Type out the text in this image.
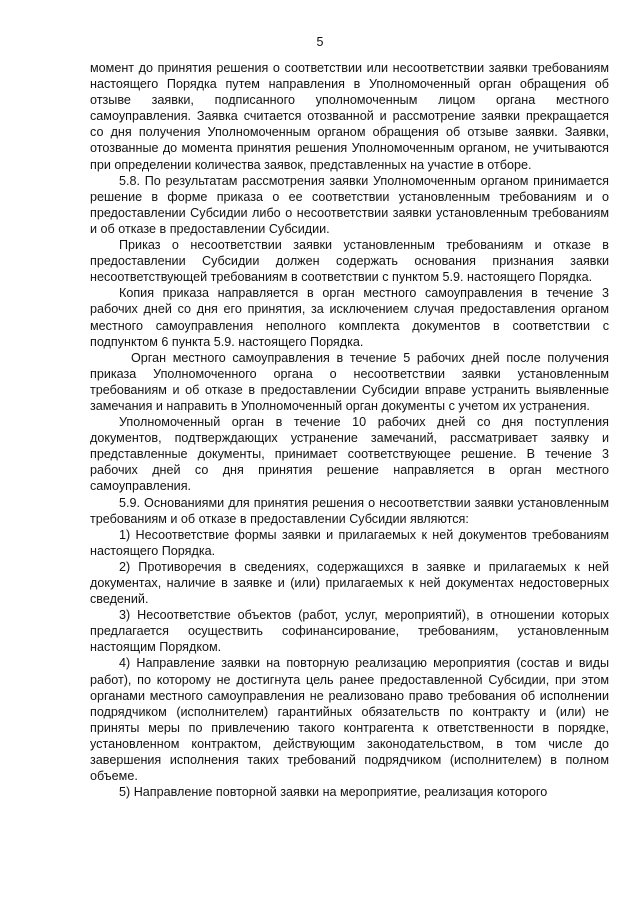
5

момент до принятия решения о соответствии или несоответствии заявки требованиям настоящего Порядка путем направления в Уполномоченный орган обращения об отзыве заявки, подписанного уполномоченным лицом органа местного самоуправления. Заявка считается отозванной и рассмотрение заявки прекращается со дня получения Уполномоченным органом обращения об отзыве заявки. Заявки, отозванные до момента принятия решения Уполномоченным органом, не учитываются при определении количества заявок, представленных на участие в отборе.

5.8. По результатам рассмотрения заявки Уполномоченным органом принимается решение в форме приказа о ее соответствии установленным требованиям и о предоставлении Субсидии либо о несоответствии заявки установленным требованиям и об отказе в предоставлении Субсидии.

Приказ о несоответствии заявки установленным требованиям и отказе в предоставлении Субсидии должен содержать основания признания заявки несоответствующей требованиям в соответствии с пунктом 5.9. настоящего Порядка.

Копия приказа направляется в орган местного самоуправления в течение 3 рабочих дней со дня его принятия, за исключением случая предоставления органом местного самоуправления неполного комплекта документов в соответствии с подпунктом 6 пункта 5.9. настоящего Порядка.

Орган местного самоуправления в течение 5 рабочих дней после получения приказа Уполномоченного органа о несоответствии заявки установленным требованиям и об отказе в предоставлении Субсидии вправе устранить выявленные замечания и направить в Уполномоченный орган документы с учетом их устранения.

Уполномоченный орган в течение 10 рабочих дней со дня поступления документов, подтверждающих устранение замечаний, рассматривает заявку и представленные документы, принимает соответствующее решение. В течение 3 рабочих дней со дня принятия решение направляется в орган местного самоуправления.

5.9. Основаниями для принятия решения о несоответствии заявки установленным требованиям и об отказе в предоставлении Субсидии являются:

1) Несоответствие формы заявки и прилагаемых к ней документов требованиям настоящего Порядка.

2) Противоречия в сведениях, содержащихся в заявке и прилагаемых к ней документах, наличие в заявке и (или) прилагаемых к ней документах недостоверных сведений.

3) Несоответствие объектов (работ, услуг, мероприятий), в отношении которых предлагается осуществить софинансирование, требованиям, установленным настоящим Порядком.

4) Направление заявки на повторную реализацию мероприятия (состав и виды работ), по которому не достигнута цель ранее предоставленной Субсидии, при этом органами местного самоуправления не реализовано право требования об исполнении подрядчиком (исполнителем) гарантийных обязательств по контракту и (или) не приняты меры по привлечению такого контрагента к ответственности в порядке, установленном контрактом, действующим законодательством, в том числе до завершения исполнения таких требований подрядчиком (исполнителем) в полном объеме.

5) Направление повторной заявки на мероприятие, реализация которого
